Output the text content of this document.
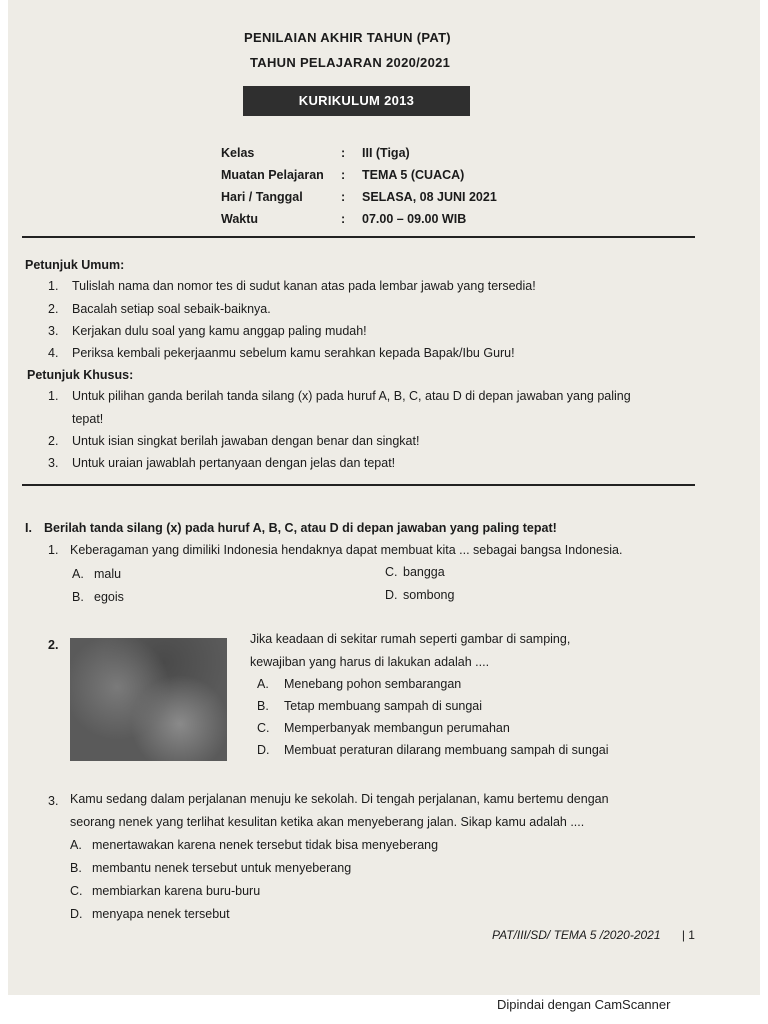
PENILAIAN AKHIR TAHUN (PAT)
TAHUN PELAJARAN 2020/2021
KURIKULUM 2013
Kelas	: III (Tiga)
Muatan Pelajaran : TEMA 5 (CUACA)
Hari / Tanggal	: SELASA, 08 JUNI 2021
Waktu	: 07.00 – 09.00 WIB
Petunjuk Umum:
1. Tulislah nama dan nomor tes di sudut kanan atas pada lembar jawab yang tersedia!
2. Bacalah setiap soal sebaik-baiknya.
3. Kerjakan dulu soal yang kamu anggap paling mudah!
4. Periksa kembali pekerjaanmu sebelum kamu serahkan kepada Bapak/Ibu Guru!
Petunjuk Khusus:
1. Untuk pilihan ganda berilah tanda silang (x) pada huruf A, B, C, atau D di depan jawaban yang paling
tepat!
2. Untuk isian singkat berilah jawaban dengan benar dan singkat!
3. Untuk uraian jawablah pertanyaan dengan jelas dan tepat!
I. Berilah tanda silang (x) pada huruf A, B, C, atau D di depan jawaban yang paling tepat!
1. Keberagaman yang dimiliki Indonesia hendaknya dapat membuat kita ... sebagai bangsa Indonesia.
A. malu	C. bangga
B. egois	D. sombong
2.	Jika keadaan di sekitar rumah seperti gambar di samping,
kewajiban yang harus di lakukan adalah ....
A. Menebang pohon sembarangan
B. Tetap membuang sampah di sungai
C. Memperbanyak membangun perumahan
D. Membuat peraturan dilarang membuang sampah di sungai
3. Kamu sedang dalam perjalanan menuju ke sekolah. Di tengah perjalanan, kamu bertemu dengan
seorang nenek yang terlihat kesulitan ketika akan menyeberang jalan. Sikap kamu adalah ....
A. menertawakan karena nenek tersebut tidak bisa menyeberang
B. membantu nenek tersebut untuk menyeberang
C. membiarkan karena buru-buru
D. menyapa nenek tersebut
PAT/III/SD/ TEMA 5 /2020-2021 | 1
Dipindai dengan CamScanner
